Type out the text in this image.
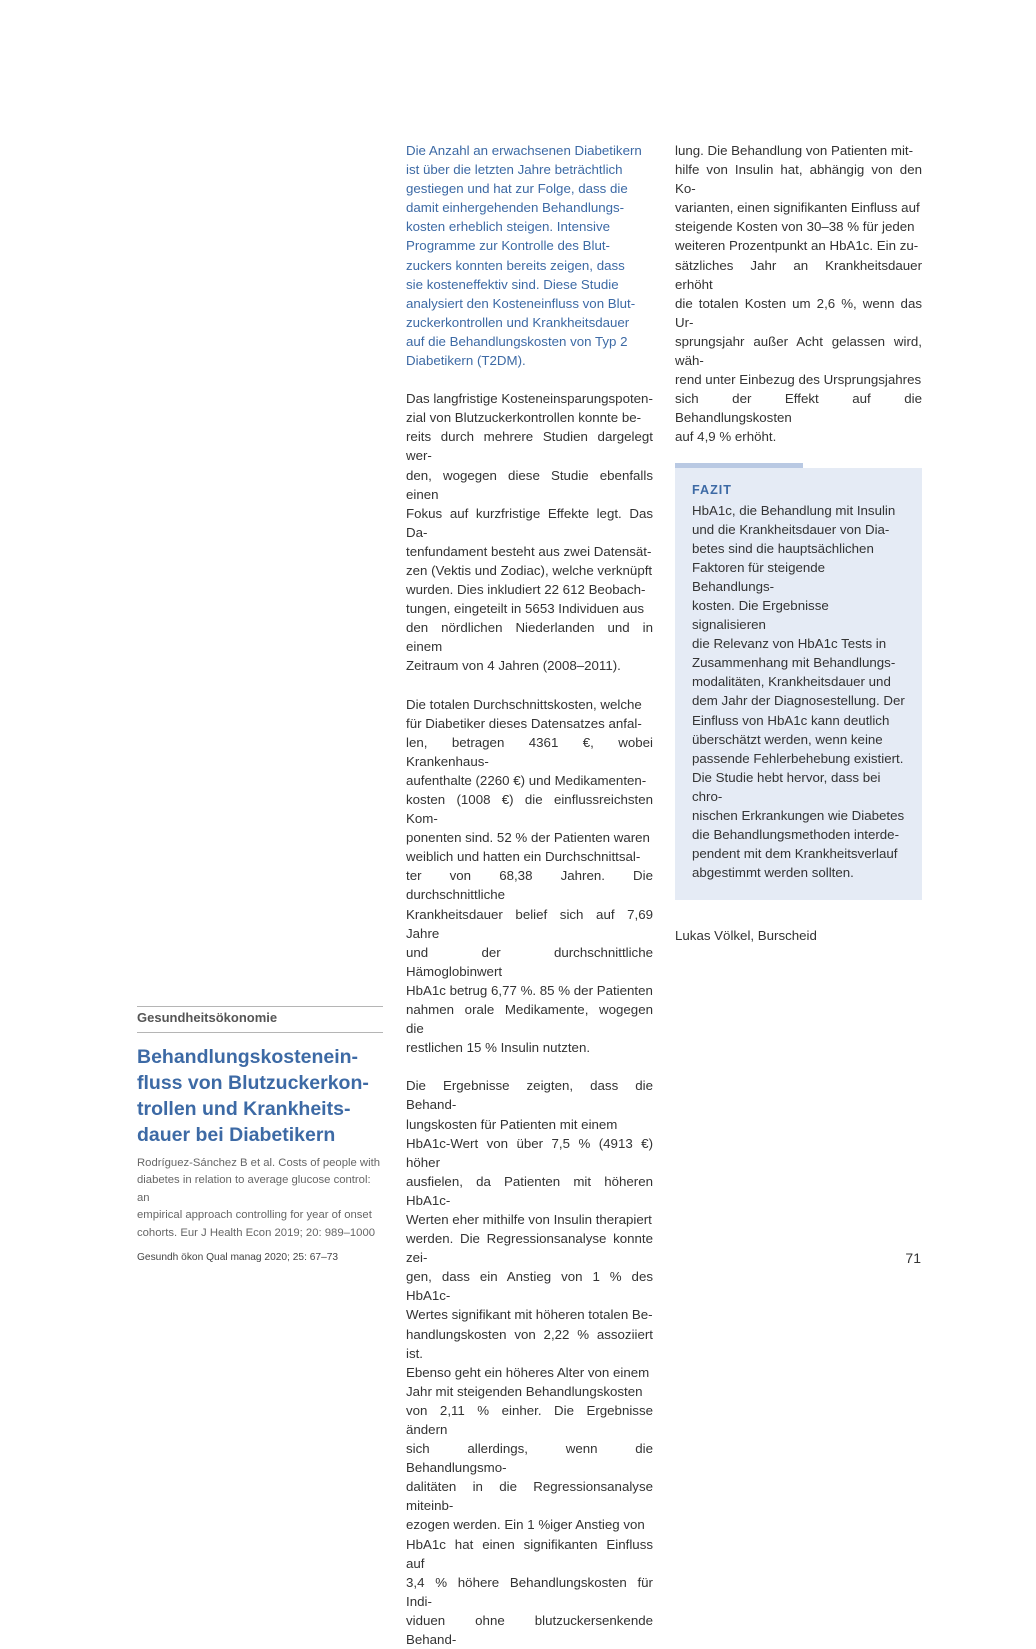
Die Anzahl an erwachsenen Diabetikern
ist über die letzten Jahre beträchtlich
gestiegen und hat zur Folge, dass die
damit einhergehenden Behandlungs-
kosten erheblich steigen. Intensive
Programme zur Kontrolle des Blut-
zuckers konnten bereits zeigen, dass
sie kosteneffektiv sind. Diese Studie
analysiert den Kosteneinfluss von Blut-
zuckerkontrollen und Krankheitsdauer
auf die Behandlungskosten von Typ 2
Diabetikern (T2DM).

Das langfristige Kosteneinsparungspoten-
zial von Blutzuckerkontrollen konnte be-
reits durch mehrere Studien dargelegt wer-
den, wogegen diese Studie ebenfalls einen
Fokus auf kurzfristige Effekte legt. Das Da-
tenfundament besteht aus zwei Datensät-
zen (Vektis und Zodiac), welche verknüpft
wurden. Dies inkludiert 22 612 Beobach-
tungen, eingeteilt in 5653 Individuen aus
den nördlichen Niederlanden und in einem
Zeitraum von 4 Jahren (2008–2011).

Die totalen Durchschnittskosten, welche
für Diabetiker dieses Datensatzes anfal-
len, betragen 4361 €, wobei Krankenhaus-
aufenthalte (2260 €) und Medikamenten-
kosten (1008 €) die einflussreichsten Kom-
ponenten sind. 52 % der Patienten waren
weiblich und hatten ein Durchschnittsal-
ter von 68,38 Jahren. Die durchschnittliche
Krankheitsdauer belief sich auf 7,69 Jahre
und der durchschnittliche Hämoglobinwert
HbA1c betrug 6,77 %. 85 % der Patienten
nahmen orale Medikamente, wogegen die
restlichen 15 % Insulin nutzten.

Die Ergebnisse zeigten, dass die Behand-
lungskosten für Patienten mit einem
HbA1c-Wert von über 7,5 % (4913 €) höher
ausfielen, da Patienten mit höheren HbA1c-
Werten eher mithilfe von Insulin therapiert
werden. Die Regressionsanalyse konnte zei-
gen, dass ein Anstieg von 1 % des HbA1c-
Wertes signifikant mit höheren totalen Be-
handlungskosten von 2,22 % assoziiert ist.
Ebenso geht ein höheres Alter von einem
Jahr mit steigenden Behandlungskosten
von 2,11 % einher. Die Ergebnisse ändern
sich allerdings, wenn die Behandlungsmo-
dalitäten in die Regressionsanalyse miteinb-
ezogen werden. Ein 1 %iger Anstieg von
HbA1c hat einen signifikanten Einfluss auf
3,4 % höhere Behandlungskosten für Indi-
viduen ohne blutzuckersenkende Behand-

lung. Die Behandlung von Patienten mit-
hilfe von Insulin hat, abhängig von den Ko-
varianten, einen signifikanten Einfluss auf
steigende Kosten von 30–38 % für jeden
weiteren Prozentpunkt an HbA1c. Ein zu-
sätzliches Jahr an Krankheitsdauer erhöht
die totalen Kosten um 2,6 %, wenn das Ur-
sprungsjahr außer Acht gelassen wird, wäh-
rend unter Einbezug des Ursprungsjahres
sich der Effekt auf die Behandlungskosten
auf 4,9 % erhöht.

FAZIT

HbA1c, die Behandlung mit Insulin
und die Krankheitsdauer von Dia-
betes sind die hauptsächlichen
Faktoren für steigende Behandlungs-
kosten. Die Ergebnisse signalisieren
die Relevanz von HbA1c Tests in
Zusammenhang mit Behandlungs-
modalitäten, Krankheitsdauer und
dem Jahr der Diagnosestellung. Der
Einfluss von HbA1c kann deutlich
überschätzt werden, wenn keine
passende Fehlerbehebung existiert.
Die Studie hebt hervor, dass bei chro-
nischen Erkrankungen wie Diabetes
die Behandlungsmethoden interde-
pendent mit dem Krankheitsverlauf
abgestimmt werden sollten.

Lukas Völkel, Burscheid
Gesundheitsökonomie
Behandlungskostenein-
fluss von Blutzuckerkon-
trollen und Krankheits-
dauer bei Diabetikern
Rodríguez-Sánchez B et al. Costs of people with
diabetes in relation to average glucose control: an
empirical approach controlling for year of onset
cohorts. Eur J Health Econ 2019; 20: 989–1000
Gesundh ökon Qual manag 2020; 25: 67–73	71
